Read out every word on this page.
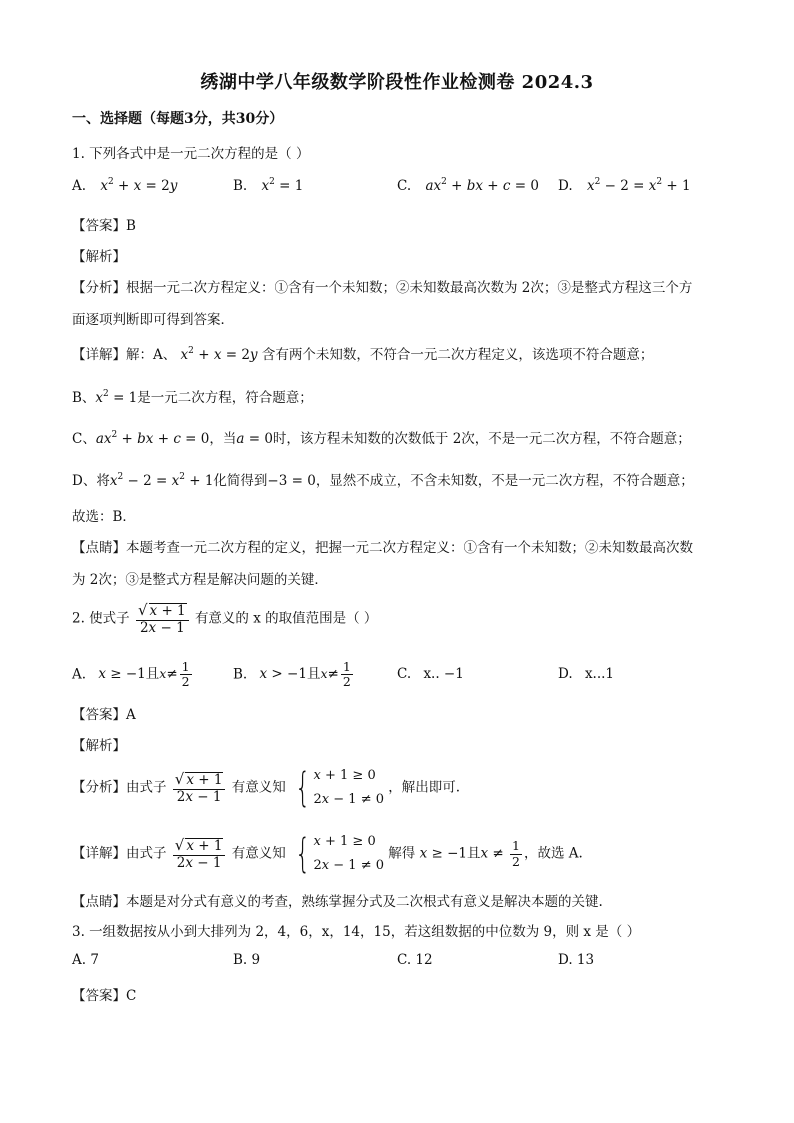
绣湖中学八年级数学阶段性作业检测卷 2024.3
一、选择题（每题3分，共30分）
1. 下列各式中是一元二次方程的是（ ）
A. $x^2 + x = 2y$	B. $x^2 = 1$	C. $ax^2$ + bx + c = 0 D. $x^2 - 2 = x^2 + 1$
【答案】B
【解析】
【分析】根据一元二次方程定义：①含有一个未知数；②未知数最高次数为 2次；③是整式方程这三个方
面逐项判断即可得到答案．
【详解】解：A、 $x^2 + x = 2y$ 含有两个未知数，不符合一元二次方程定义，该选项不符合题意；
B、$x^2 = 1$是一元二次方程，符合题意；
C、$ax^2$ + bx + c = 0，当a = 0时，该方程未知数的次数低于 2次，不是一元二次方程，不符合题意；
D、将$x^2 - 2 = x^2 + 1$化简得到−3 = 0，显然不成立，不含未知数，不是一元二次方程，不符合题意；
故选：B．
【点睛】本题考查一元二次方程的定义，把握一元二次方程定义：①含有一个未知数；②未知数最高次数
为 2次；③是整式方程是解决问题的关键．
2. 使式子 $\frac{√ x + 1}{2x - 1}$ 有意义的 x 的取值范围是（ ）
A. x ≥ −1且$x\ne \frac{1}{2}$	B. x > −1且$x\ne \frac{1}{2}$	C. x.. −1	D. x...1
【答案】A
【解析】
【分析】由式子 $\frac{√ x + 1}{2x - 1}$ 有意义知 { x + 1 ≥ 0
2x − 1 ≠ 0
，解出即可.
【详解】由式子 $\frac{√ x + 1}{2x - 1}$ 有意义知 { x + 1 ≥ 0
2x − 1 ≠ 0
解得 x ≥ −1且$x \ne \frac{1}{2}$ ，故选 A.
【点睛】本题是对分式有意义的考查，熟练掌握分式及二次根式有意义是解决本题的关键.
3. 一组数据按从小到大排列为 2，4，6，x，14，15，若这组数据的中位数为 9，则 x 是（ ）
A. 7	B. 9	C. 12	D. 13
【答案】C
